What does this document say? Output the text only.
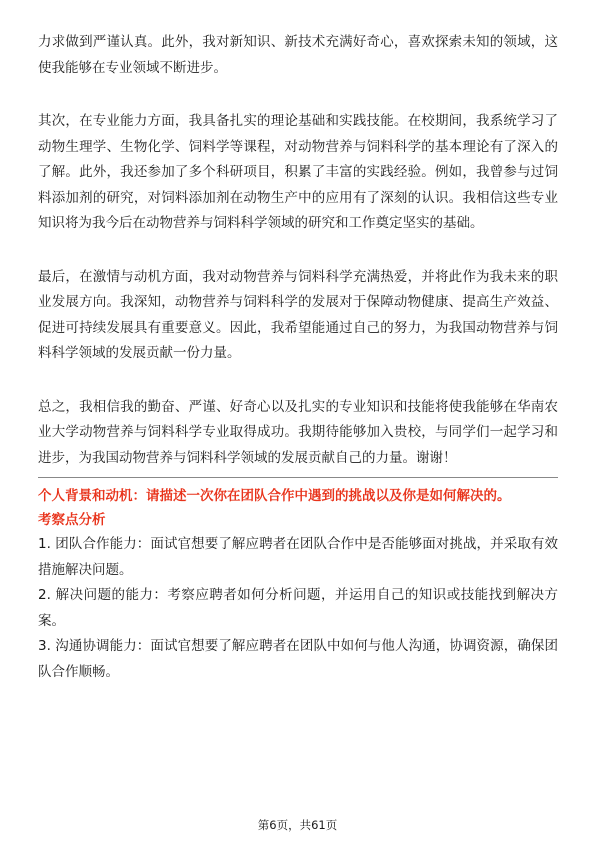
力求做到严谨认真。此外，我对新知识、新技术充满好奇心，喜欢探索未知的领域，这使我能够在专业领域不断进步。

其次，在专业能力方面，我具备扎实的理论基础和实践技能。在校期间，我系统学习了动物生理学、生物化学、饲料学等课程，对动物营养与饲料科学的基本理论有了深入的了解。此外，我还参加了多个科研项目，积累了丰富的实践经验。例如，我曾参与过饲料添加剂的研究，对饲料添加剂在动物生产中的应用有了深刻的认识。我相信这些专业知识将为我今后在动物营养与饲料科学领域的研究和工作奠定坚实的基础。

最后，在激情与动机方面，我对动物营养与饲料科学充满热爱，并将此作为我未来的职业发展方向。我深知，动物营养与饲料科学的发展对于保障动物健康、提高生产效益、促进可持续发展具有重要意义。因此，我希望能通过自己的努力，为我国动物营养与饲料科学领域的发展贡献一份力量。

总之，我相信我的勤奋、严谨、好奇心以及扎实的专业知识和技能将使我能够在华南农业大学动物营养与饲料科学专业取得成功。我期待能够加入贵校，与同学们一起学习和进步，为我国动物营养与饲料科学领域的发展贡献自己的力量。谢谢！

个人背景和动机：请描述一次你在团队合作中遇到的挑战以及你是如何解决的。

考察点分析

1. 团队合作能力：面试官想要了解应聘者在团队合作中是否能够面对挑战，并采取有效措施解决问题。

2. 解决问题的能力：考察应聘者如何分析问题，并运用自己的知识或技能找到解决方案。

3. 沟通协调能力：面试官想要了解应聘者在团队中如何与他人沟通，协调资源，确保团队合作顺畅。

第6页，共61页
